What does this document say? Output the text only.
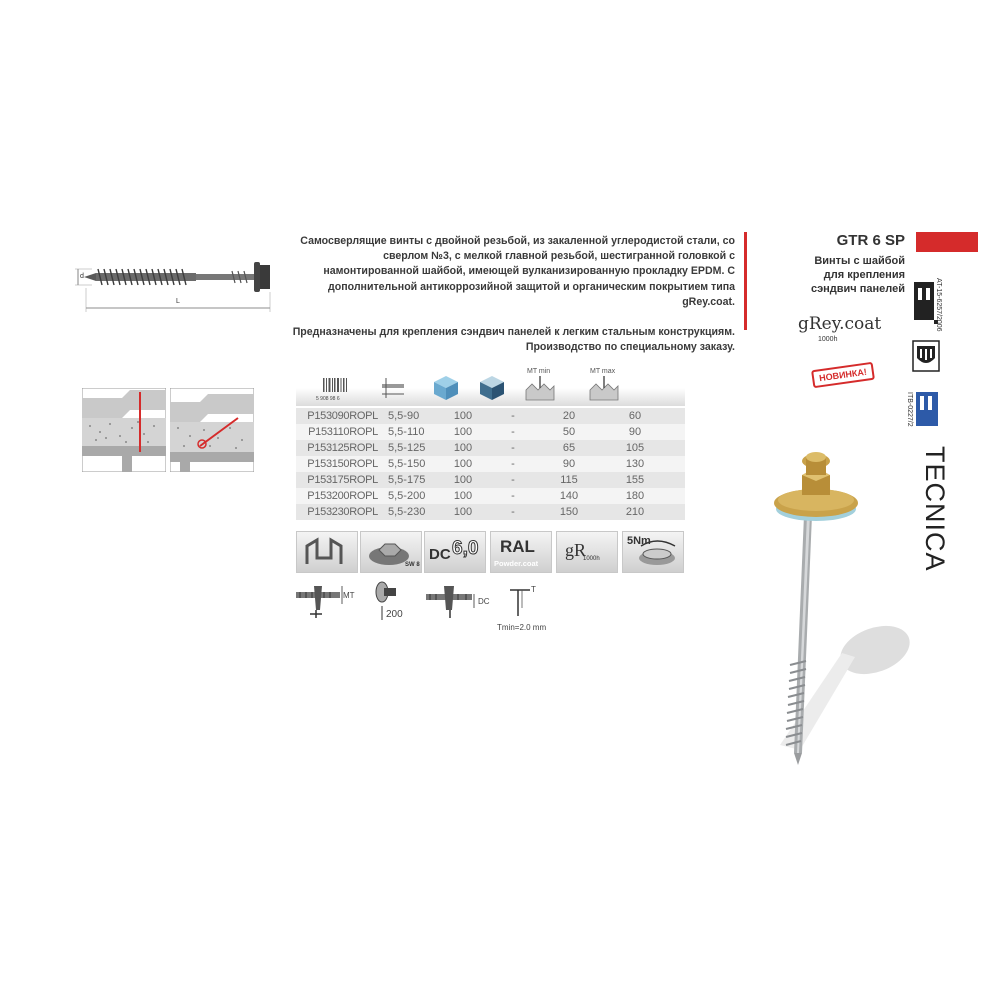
d
L

Самосверлящие винты с двойной резьбой, из закаленной углеродистой стали, со сверлом №3, с мелкой главной резьбой, шестигранной головкой с намонтированной шайбой, имеющей вулканизированную прокладку EPDM. С дополнительной антикоррозийной защитой и органическим покрытием типа gRey.coat.

Предназначены для крепления сэндвич панелей к легким стальным конструкциям. Производство по специальному заказу.

GTR 6 SP
Винты с шайбой
для крепления
сэндвич панелей
gRey.coat
1000h
НОВИНКА!
AT-15-6257/2006
ITB-0227/2
TECNICA
5 908 98 6
MT min	MT max
P153090ROPL 5,5-90	100	-	20	60
P153110ROPL 5,5-110	100	-	50	90
P153125ROPL 5,5-125	100	-	65	105
P153150ROPL 5,5-150	100	-	90	130
P153175ROPL 5,5-175	100	-	115	155
P153200ROPL 5,5-200	100	-	140	180
P153230ROPL 5,5-230	100	-	150	210
SW 8
DC 6,0 RAL
Powder.coat
gR
1000h
5Nm
MT
200
DC
T
Tmin=2.0 mm
